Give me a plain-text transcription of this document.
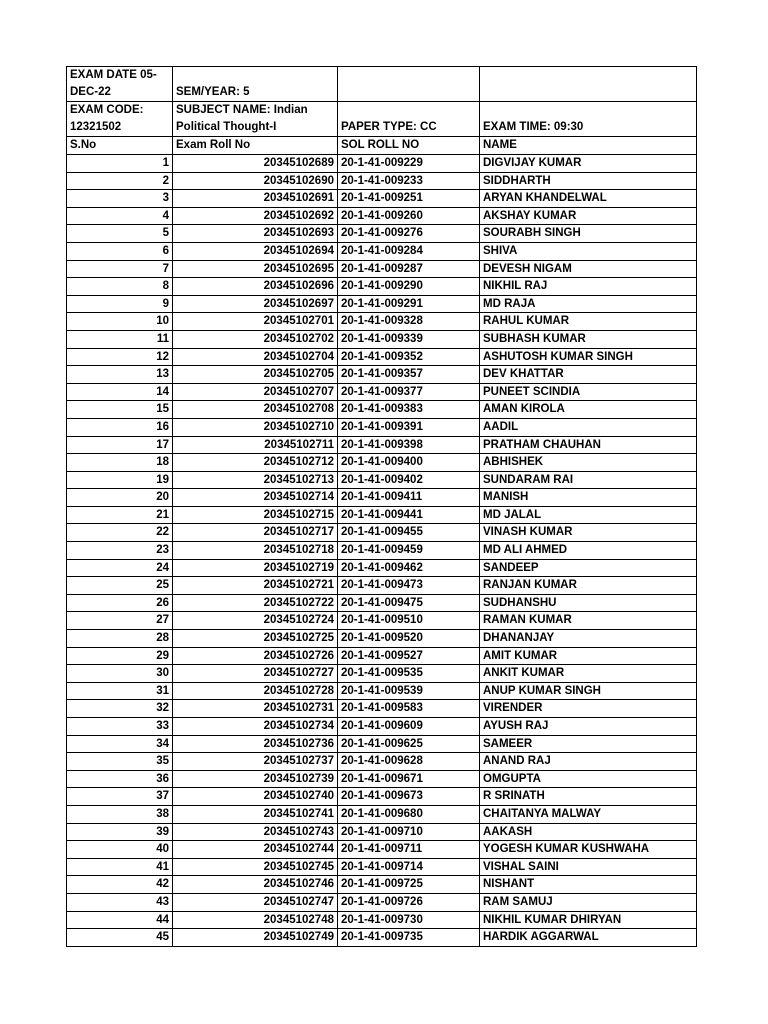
EXAM DATE 05-DEC-22	SEM/YEAR: 5		
EXAM CODE: 12321502	SUBJECT NAME: Indian Political Thought-I	PAPER TYPE: CC	EXAM TIME: 09:30
S.No	Exam Roll No	SOL ROLL NO	NAME
1	20345102689	20-1-41-009229	DIGVIJAY KUMAR
2	20345102690	20-1-41-009233	SIDDHARTH
3	20345102691	20-1-41-009251	ARYAN KHANDELWAL
4	20345102692	20-1-41-009260	AKSHAY KUMAR
5	20345102693	20-1-41-009276	SOURABH SINGH
6	20345102694	20-1-41-009284	SHIVA
7	20345102695	20-1-41-009287	DEVESH NIGAM
8	20345102696	20-1-41-009290	NIKHIL RAJ
9	20345102697	20-1-41-009291	MD RAJA
10	20345102701	20-1-41-009328	RAHUL KUMAR
11	20345102702	20-1-41-009339	SUBHASH KUMAR
12	20345102704	20-1-41-009352	ASHUTOSH KUMAR SINGH
13	20345102705	20-1-41-009357	DEV KHATTAR
14	20345102707	20-1-41-009377	PUNEET SCINDIA
15	20345102708	20-1-41-009383	AMAN KIROLA
16	20345102710	20-1-41-009391	AADIL
17	20345102711	20-1-41-009398	PRATHAM CHAUHAN
18	20345102712	20-1-41-009400	ABHISHEK
19	20345102713	20-1-41-009402	SUNDARAM RAI
20	20345102714	20-1-41-009411	MANISH
21	20345102715	20-1-41-009441	MD JALAL
22	20345102717	20-1-41-009455	VINASH KUMAR
23	20345102718	20-1-41-009459	MD ALI AHMED
24	20345102719	20-1-41-009462	SANDEEP
25	20345102721	20-1-41-009473	RANJAN KUMAR
26	20345102722	20-1-41-009475	SUDHANSHU
27	20345102724	20-1-41-009510	RAMAN KUMAR
28	20345102725	20-1-41-009520	DHANANJAY
29	20345102726	20-1-41-009527	AMIT KUMAR
30	20345102727	20-1-41-009535	ANKIT KUMAR
31	20345102728	20-1-41-009539	ANUP KUMAR SINGH
32	20345102731	20-1-41-009583	VIRENDER
33	20345102734	20-1-41-009609	AYUSH RAJ
34	20345102736	20-1-41-009625	SAMEER
35	20345102737	20-1-41-009628	ANAND RAJ
36	20345102739	20-1-41-009671	OMGUPTA
37	20345102740	20-1-41-009673	R SRINATH
38	20345102741	20-1-41-009680	CHAITANYA MALWAY
39	20345102743	20-1-41-009710	AAKASH
40	20345102744	20-1-41-009711	YOGESH KUMAR KUSHWAHA
41	20345102745	20-1-41-009714	VISHAL SAINI
42	20345102746	20-1-41-009725	NISHANT
43	20345102747	20-1-41-009726	RAM SAMUJ
44	20345102748	20-1-41-009730	NIKHIL KUMAR DHIRYAN
45	20345102749	20-1-41-009735	HARDIK AGGARWAL
